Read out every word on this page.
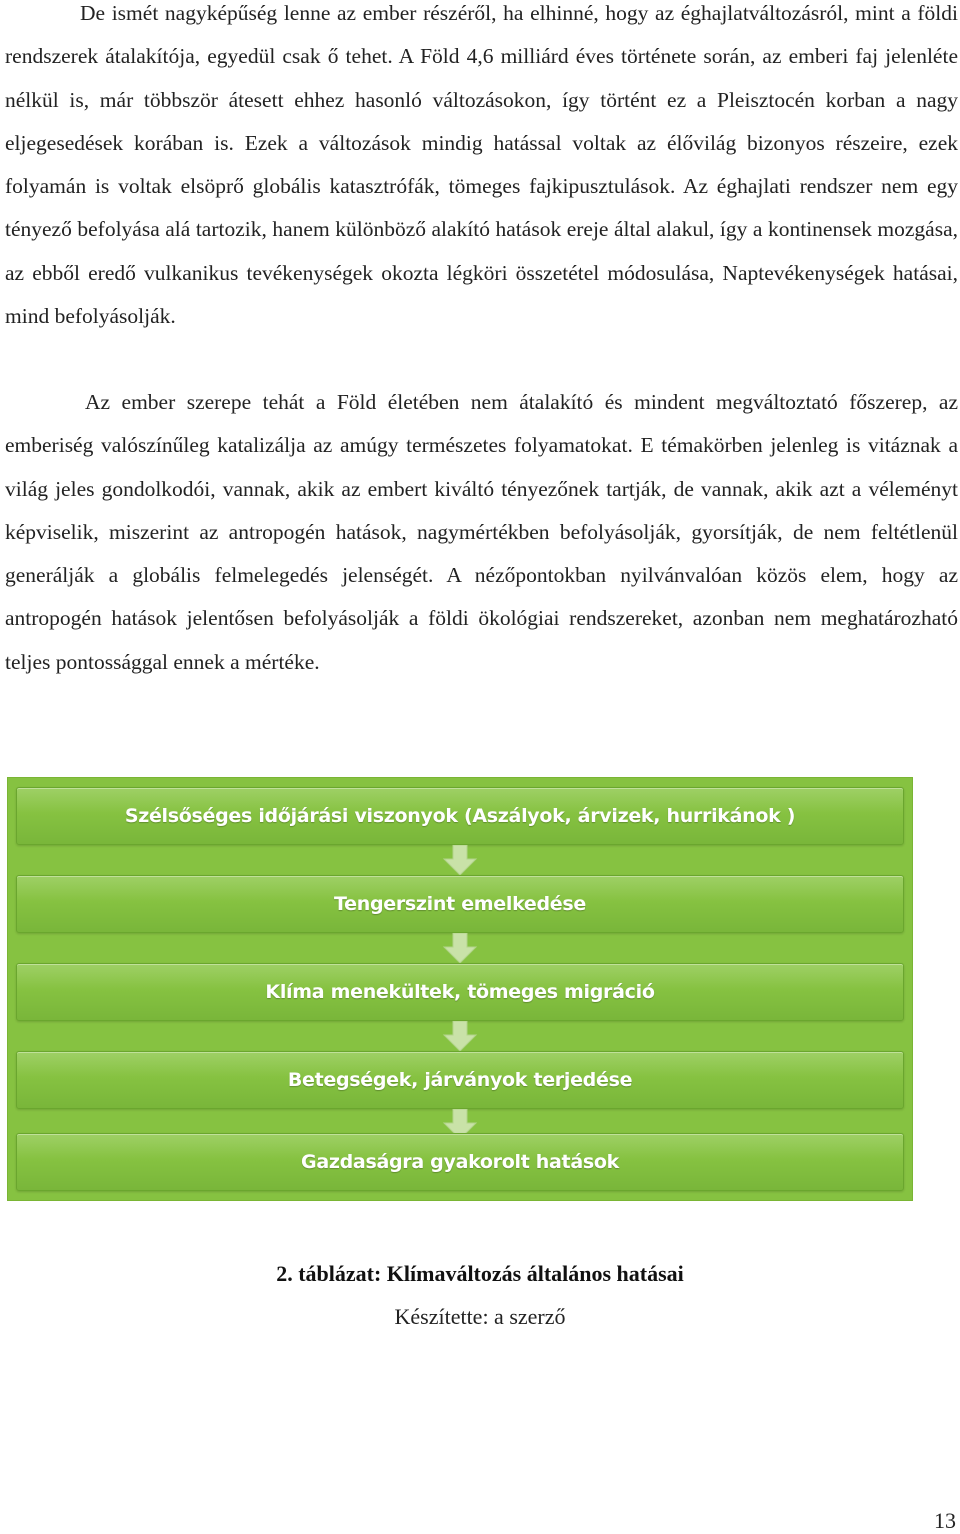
De ismét nagyképűség lenne az ember részéről, ha elhinné, hogy az éghajlatváltozásról, mint a földi rendszerek átalakítója, egyedül csak ő tehet. A Föld 4,6 milliárd éves története során, az emberi faj jelenléte nélkül is, már többször átesett ehhez hasonló változásokon, így történt ez a Pleisztocén korban a nagy eljegesedések korában is. Ezek a változások mindig hatással voltak az élővilág bizonyos részeire, ezek folyamán is voltak elsöprő globális katasztrófák, tömeges fajkipusztulások. Az éghajlati rendszer nem egy tényező befolyása alá tartozik, hanem különböző alakító hatások ereje által alakul, így a kontinensek mozgása, az ebből eredő vulkanikus tevékenységek okozta légköri összetétel módosulása, Naptevékenységek hatásai, mind befolyásolják.

Az ember szerepe tehát a Föld életében nem átalakító és mindent megváltoztató főszerep, az emberiség valószínűleg katalizálja az amúgy természetes folyamatokat. E témakörben jelenleg is vitáznak a világ jeles gondolkodói, vannak, akik az embert kiváltó tényezőnek tartják, de vannak, akik azt a véleményt képviselik, miszerint az antropogén hatások, nagymértékben befolyásolják, gyorsítják, de nem feltétlenül generálják a globális felmelegedés jelenségét. A nézőpontokban nyilvánvalóan közös elem, hogy az antropogén hatások jelentősen befolyásolják a földi ökológiai rendszereket, azonban nem meghatározható teljes pontossággal ennek a mértéke.

Szélsőséges időjárási viszonyok (Aszályok, árvizek, hurrikánok )
Tengerszint emelkedése
Klíma menekültek, tömeges migráció
Betegségek, járványok terjedése
Gazdaságra gyakorolt hatások
2. táblázat: Klímaváltozás általános hatásai
Készítette: a szerző
13
